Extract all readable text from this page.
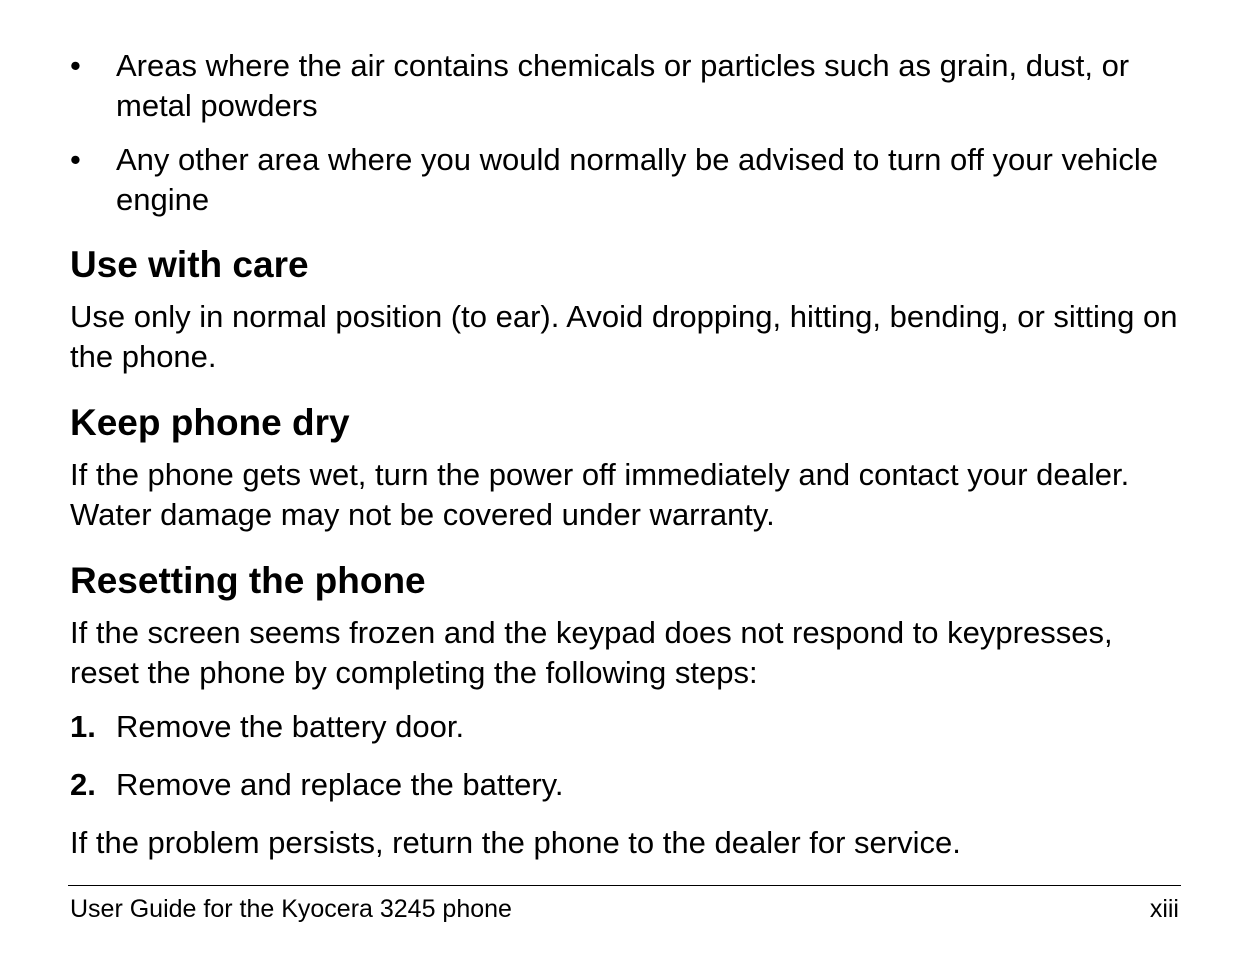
• Areas where the air contains chemicals or particles such as grain, dust, or metal powders
• Any other area where you would normally be advised to turn off your vehicle engine
Use with care

Use only in normal position (to ear). Avoid dropping, hitting, bending, or sitting on the phone.

Keep phone dry

If the phone gets wet, turn the power off immediately and contact your dealer. Water damage may not be covered under warranty.

Resetting the phone

If the screen seems frozen and the keypad does not respond to keypresses, reset the phone by completing the following steps:

1. Remove the battery door.
2. Remove and replace the battery.

If the problem persists, return the phone to the dealer for service.

User Guide for the Kyocera 3245 phone	xiii
